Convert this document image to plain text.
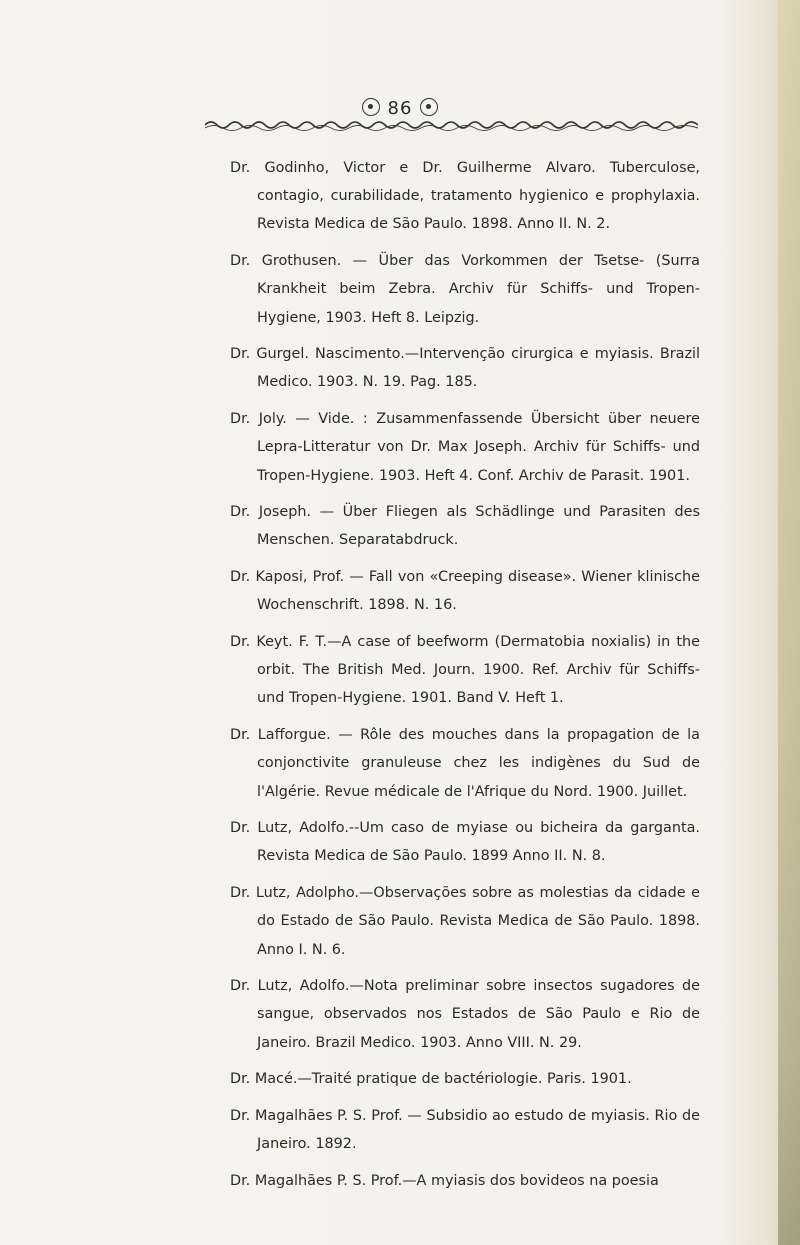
86

Dr. Godinho, Victor e Dr. Guilherme Alvaro. Tuberculose, contagio, curabilidade, tratamento hygienico e prophylaxia. Revista Medica de São Paulo. 1898. Anno II. N. 2.

Dr. Grothusen. — Über das Vorkommen der Tsetse- (Surra Krankheit beim Zebra. Archiv für Schiffs- und Tropen-Hygiene, 1903. Heft 8. Leipzig.

Dr. Gurgel. Nascimento.—Intervenção cirurgica e myiasis. Brazil Medico. 1903. N. 19. Pag. 185.

Dr. Joly. — Vide. : Zusammenfassende Übersicht über neuere Lepra-Litteratur von Dr. Max Joseph. Archiv für Schiffs- und Tropen-Hygiene. 1903. Heft 4. Conf. Archiv de Parasit. 1901.

Dr. Joseph. — Über Fliegen als Schädlinge und Parasiten des Menschen. Separatabdruck.

Dr. Kaposi, Prof. — Fall von «Creeping disease». Wiener klinische Wochenschrift. 1898. N. 16.

Dr. Keyt. F. T.—A case of beefworm (Dermatobia noxialis) in the orbit. The British Med. Journ. 1900. Ref. Archiv für Schiffs- und Tropen-Hygiene. 1901. Band V. Heft 1.

Dr. Lafforgue. — Rôle des mouches dans la propagation de la conjonctivite granuleuse chez les indigènes du Sud de l'Algérie. Revue médicale de l'Afrique du Nord. 1900. Juillet.

Dr. Lutz, Adolfo.--Um caso de myiase ou bicheira da garganta. Revista Medica de São Paulo. 1899 Anno II. N. 8.

Dr. Lutz, Adolpho.—Observações sobre as molestias da cidade e do Estado de São Paulo. Revista Medica de São Paulo. 1898. Anno I. N. 6.

Dr. Lutz, Adolfo.—Nota preliminar sobre insectos sugadores de sangue, observados nos Estados de São Paulo e Rio de Janeiro. Brazil Medico. 1903. Anno VIII. N. 29.

Dr. Macé.—Traité pratique de bactériologie. Paris. 1901.

Dr. Magalhães P. S. Prof. — Subsidio ao estudo de myiasis. Rio de Janeiro. 1892.

Dr. Magalhães P. S. Prof.—A myiasis dos bovideos na poesia
